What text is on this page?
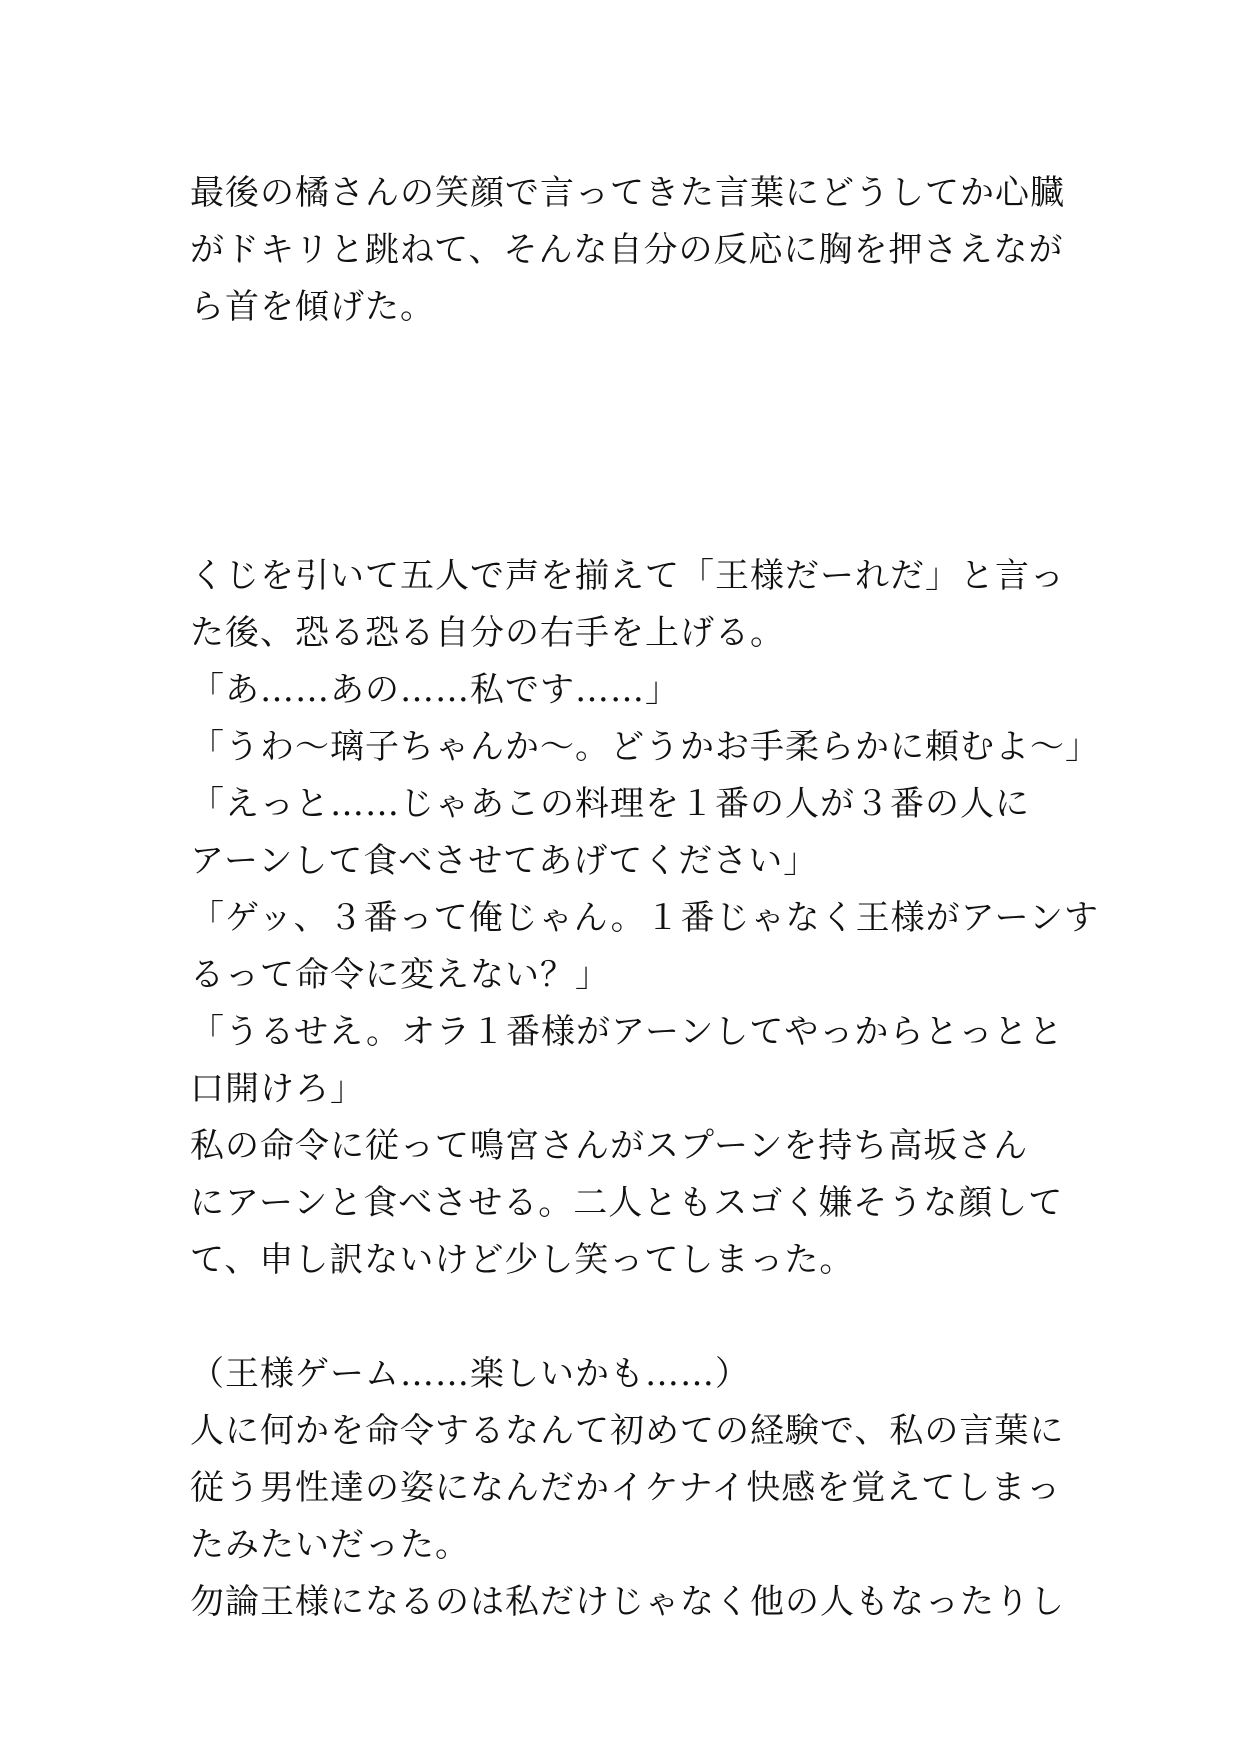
最後の橘さんの笑顔で言ってきた言葉にどうしてか心臓
がドキリと跳ねて、そんな自分の反応に胸を押さえなが
ら首を傾げた。
くじを引いて五人で声を揃えて「王様だーれだ」と言っ
た後、恐る恐る自分の右手を上げる。
「あ……あの……私です……」
「うわ〜璃子ちゃんか〜。どうかお手柔らかに頼むよ〜」
「えっと……じゃあこの料理を１番の人が３番の人に
アーンして食べさせてあげてください」
「ゲッ、３番って俺じゃん。１番じゃなく王様がアーンす
るって命令に変えない？」
「うるせえ。オラ１番様がアーンしてやっからとっとと
口開けろ」
私の命令に従って鳴宮さんがスプーンを持ち高坂さん
にアーンと食べさせる。二人ともスゴく嫌そうな顔して
て、申し訳ないけど少し笑ってしまった。
（王様ゲーム……楽しいかも……）
人に何かを命令するなんて初めての経験で、私の言葉に
従う男性達の姿になんだかイケナイ快感を覚えてしまっ
たみたいだった。
勿論王様になるのは私だけじゃなく他の人もなったりし
